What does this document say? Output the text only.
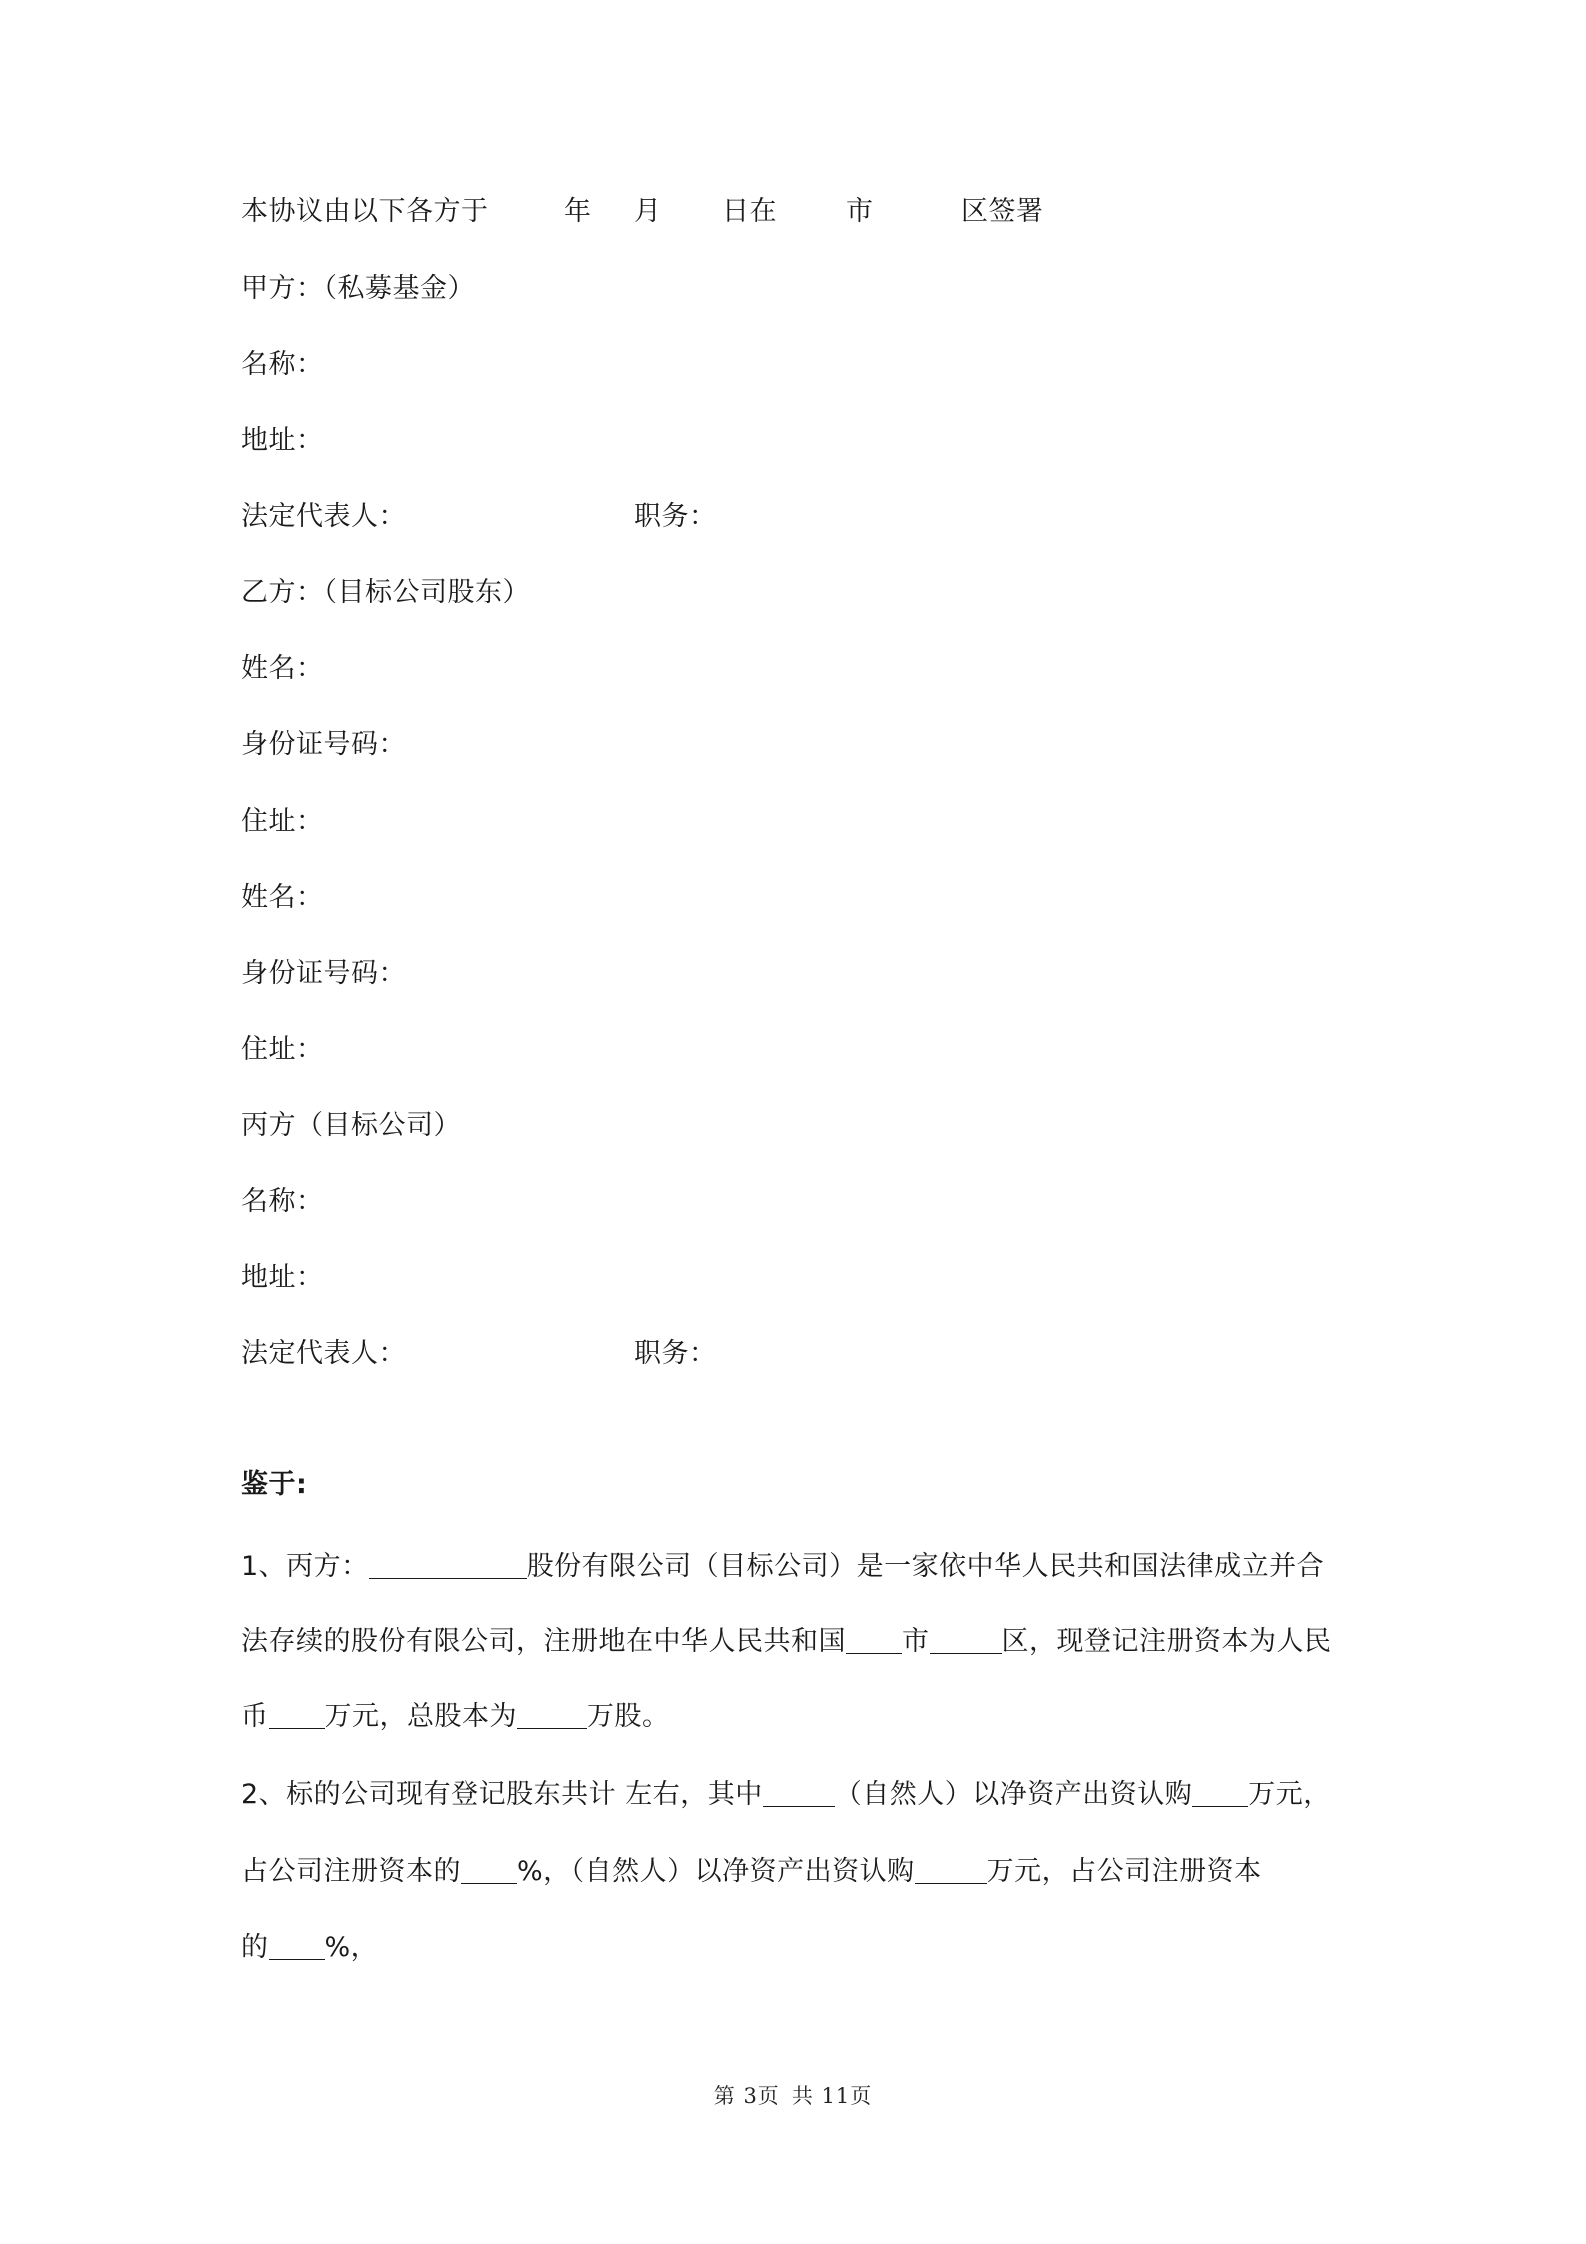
本协议由以下各方于	年 月 日在	市	区签署
甲方：（私募基金）
名称：
地址：
法定代表人：	职务：
乙方：（目标公司股东）
姓名：
身份证号码：
住址：
姓名：
身份证号码：
住址：
丙方（目标公司）
名称：
地址：
法定代表人：	职务：
鉴于:
1、丙方：	股份有限公司（目标公司）是一家依中华人民共和国法律成立并合
法存续的股份有限公司，注册地在中华人民共和国 市	区，现登记注册资本为人民
币 万元，总股本为	万股。
2、标的公司现有登记股东共计 左右，其中	（自然人）以净资产出资认购 万元，
占公司注册资本的 %，（自然人）以净资产出资认购	万元，占公司注册资本
的 %，
第 3页 共 11页
